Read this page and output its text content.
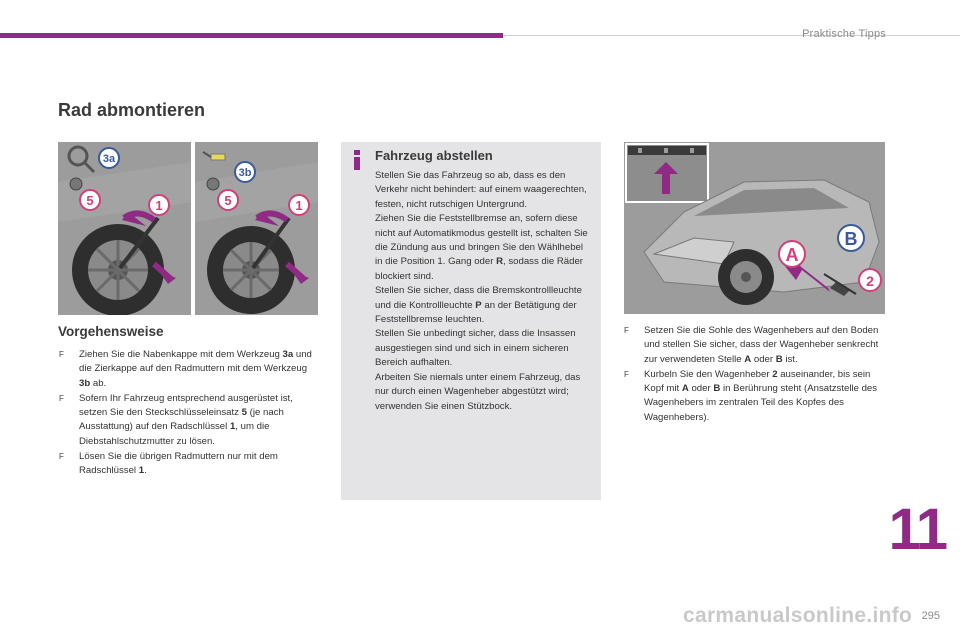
Praktische Tipps
Rad abmontieren
3a
5	1
3b
5	1
Fahrzeug abstellen

Stellen Sie das Fahrzeug so ab, dass es den Verkehr nicht behindert: auf einem waagerechten, festen, nicht rutschigen Untergrund.

Ziehen Sie die Feststellbremse an, sofern diese nicht auf Automatikmodus gestellt ist, schalten Sie die Zündung aus und bringen Sie den Wählhebel in die Position 1. Gang oder R, sodass die Räder blockiert sind.

Stellen Sie sicher, dass die Bremskontrollleuchte und die Kontrollleuchte P an der Betätigung der Feststellbremse leuchten.

Stellen Sie unbedingt sicher, dass die Insassen ausgestiegen sind und sich in einem sicheren Bereich aufhalten.

Arbeiten Sie niemals unter einem Fahrzeug, das nur durch einen Wagenheber abgestützt wird; verwenden Sie einen Stützbock.

A
B
2
Vorgehensweise
F Ziehen Sie die Nabenkappe mit dem Werkzeug 3a und die Zierkappe auf den Radmuttern mit dem Werkzeug 3b ab.
F Sofern Ihr Fahrzeug entsprechend ausgerüstet ist, setzen Sie den Steckschlüsseleinsatz 5 (je nach Ausstattung) auf den Radschlüssel 1, um die Diebstahlschutzmutter zu lösen.
F Lösen Sie die übrigen Radmuttern nur mit dem Radschlüssel 1.
F Setzen Sie die Sohle des Wagenhebers auf den Boden und stellen Sie sicher, dass der Wagenheber senkrecht zur verwendeten Stelle A oder B ist.
F Kurbeln Sie den Wagenheber 2 auseinander, bis sein Kopf mit A oder B in Berührung steht (Ansatzstelle des Wagenhebers im zentralen Teil des Kopfes des Wagenhebers).
11
carmanualsonline.info 295
